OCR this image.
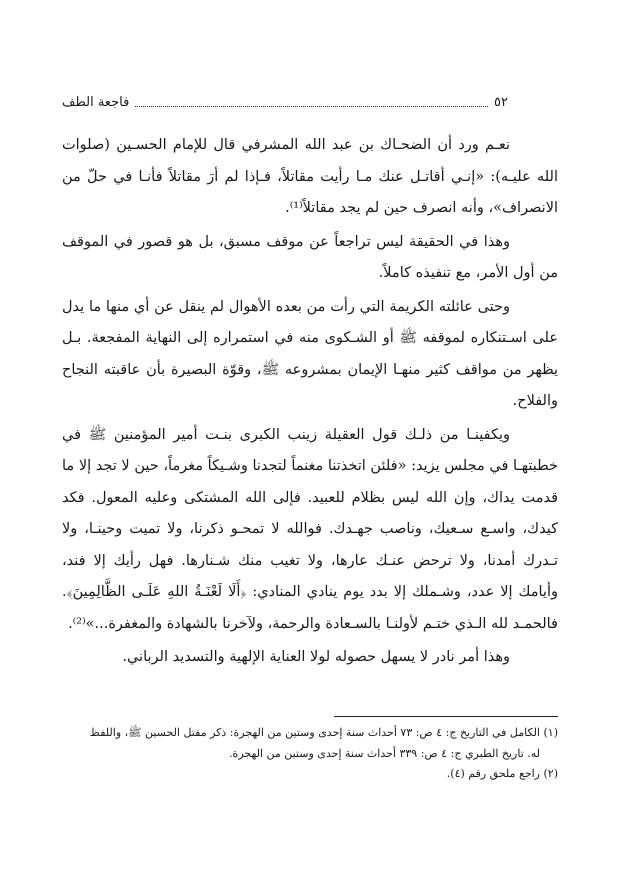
٥٢
فاجعة الطف

نعـم ورد أن الضحـاك بن عبد الله المشرفي قال للإمام الحسـين (صلوات الله عليـه): «إنـي أقاتـل عنك مـا رأيت مقاتلاً، فـإذا لم أرَ مقاتلاً فأنـا في حلّ من الانصراف»، وأنه انصرف حين لم يجد مقاتلاً⁽¹⁾.

وهذا في الحقيقة ليس تراجعاً عن موقف مسبق، بل هو قصور في الموقف من أول الأمر، مع تنفيذه كاملاً.

وحتى عائلته الكريمة التي رأت من بعده الأهوال لم ينقل عن أي منها ما يدل على اسـتنكاره لموقفه ﷺ أو الشـكوى منه في استمراره إلى النهاية المفجعة. بـل يظهر من مواقف كثير منهـا الإيمان بمشروعه ﷺ، وقوّة البصيرة بأن عاقبته النجاح والفلاح.

ويكفينـا من ذلـك قول العقيلة زينب الكبرى بنـت أمير المؤمنين ﷺ في خطبتهـا في مجلس يزيد: «فلئن اتخذتنا مغنماً لتجدنا وشـيكاً مغرماً، حين لا تجد إلا ما قدمت يداك، وإن الله ليس بظلام للعبيد. فإلى الله المشتكى وعليه المعول. فكد كيدك، واسـع سـعيك، وناصب جهـدك. فوالله لا تمحـو ذكرنا، ولا تميت وحينـا، ولا تـدرك أمدنا، ولا ترحض عنـك عارها، ولا تغيب منك شـنارها. فهل رأيك إلا فند، وأيامك إلا عدد، وشـملك إلا بدد يوم ينادي المنادي: ﴿أَلَا لَعْنَـةُ اللهِ عَلَـى الظَّالِمِينَ﴾. فالحمـد لله الـذي ختـم لأولنـا بالسـعادة والرحمة، ولآخرنا بالشهادة والمغفرة...»⁽²⁾.

وهذا أمر نادر لا يسهل حصوله لولا العناية الإلهية والتسديد الرباني.

(١) الكامل في التاريخ ج: ٤ ص: ٧٣ أحداث سنة إحدى وستين من الهجرة: ذكر مقتل الحسين ﷺ، واللفظ

له. تاريخ الطبري ج: ٤ ص: ٣٣٩ أحداث سنة إحدى وستين من الهجرة.

(٢) راجع ملحق رقم (٤).
